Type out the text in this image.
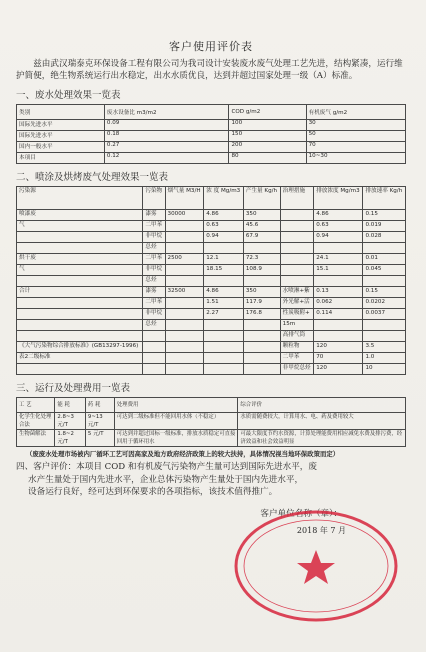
客户使用评价表

兹由武汉瑞泰克环保设备工程有限公司为我司设计安装废水废气处理工艺先进，结构紧凑，运行维护简便，绝生物系统运行出水稳定，出水水质优良，达到并超过国家处理一级（A）标准。

一、废水处理效果一览表
类别	废水设备比 m3/m2	COD g/m2	有机废气 g/m2
国际先进水平	0.09	100	30
国际先进水平	0.18	150	50
国内一般水平	0.27	200	70
本项目	0.12	80	10~30
二、喷涂及烘烤废气处理效果一览表
污染源	污染物	烟气量 M3/H	浓 度 Mg/m3	产生量 Kg/h	治理措施	排放浓度 Mg/m3	排放速率 Kg/h
喷漆废	漆雾	30000	4.86	350		4.86	0.15
气	二甲苯		0.63	45.6		0.63	0.019
	非甲烷		0.94	67.9		0.94	0.028
	总烃						
烘干废	二甲苯	2500	12.1	72.3		24.1	0.01
气	非甲烷		18.15	108.9		15.1	0.045
	总烃						
合计	漆雾	32500	4.86	350	水喷淋+紫	0.13	0.15
	二甲苯		1.51	117.9	外光解+活	0.062	0.0202
	非甲烷		2.27	176.8	性炭吸附+	0.114	0.0037
	总烃				15m		
					高排气筒		
《大气污染物综合排放标准》(GB13297-1996)					颗粒物	120	3.5
表2二级标准					二甲苯	70	1.0
					非甲烷总烃	120	10
三、运行及处理费用一览表
工 艺	能 耗	药 耗	处理费用	综合评价
化学生化处理合法	2.8~3 元/T	9~13 元/T	可达到二级标准但不能回用水体（不稳定）	水质需随费较大，计算用水、电、药及费用较大
生物菌解法	1.8~2 元/T	5 元/T	可达到并超过国标一级标准，排放水质稳定可直接回用于循环用水	可最大限度节约水资源，计算处理能费用相应减免水费及排污费，经济效益和社会效益明显
（废废水处理市场被内厂循环工艺可因高家及地方政府经济政策上的较大扶持，具体情况视当地环保政策而定）

四、客户评价：本项目 COD 和有机废气污染物产生量可达到国际先进水平，废

水产生量处于国内先进水平，企业总体污染物产生量处于国内先进水平，

设备运行良好，经可达到环保要求的各项指标，该技术值得推广。

客户单位名称（章）：
2018 年 7 月
